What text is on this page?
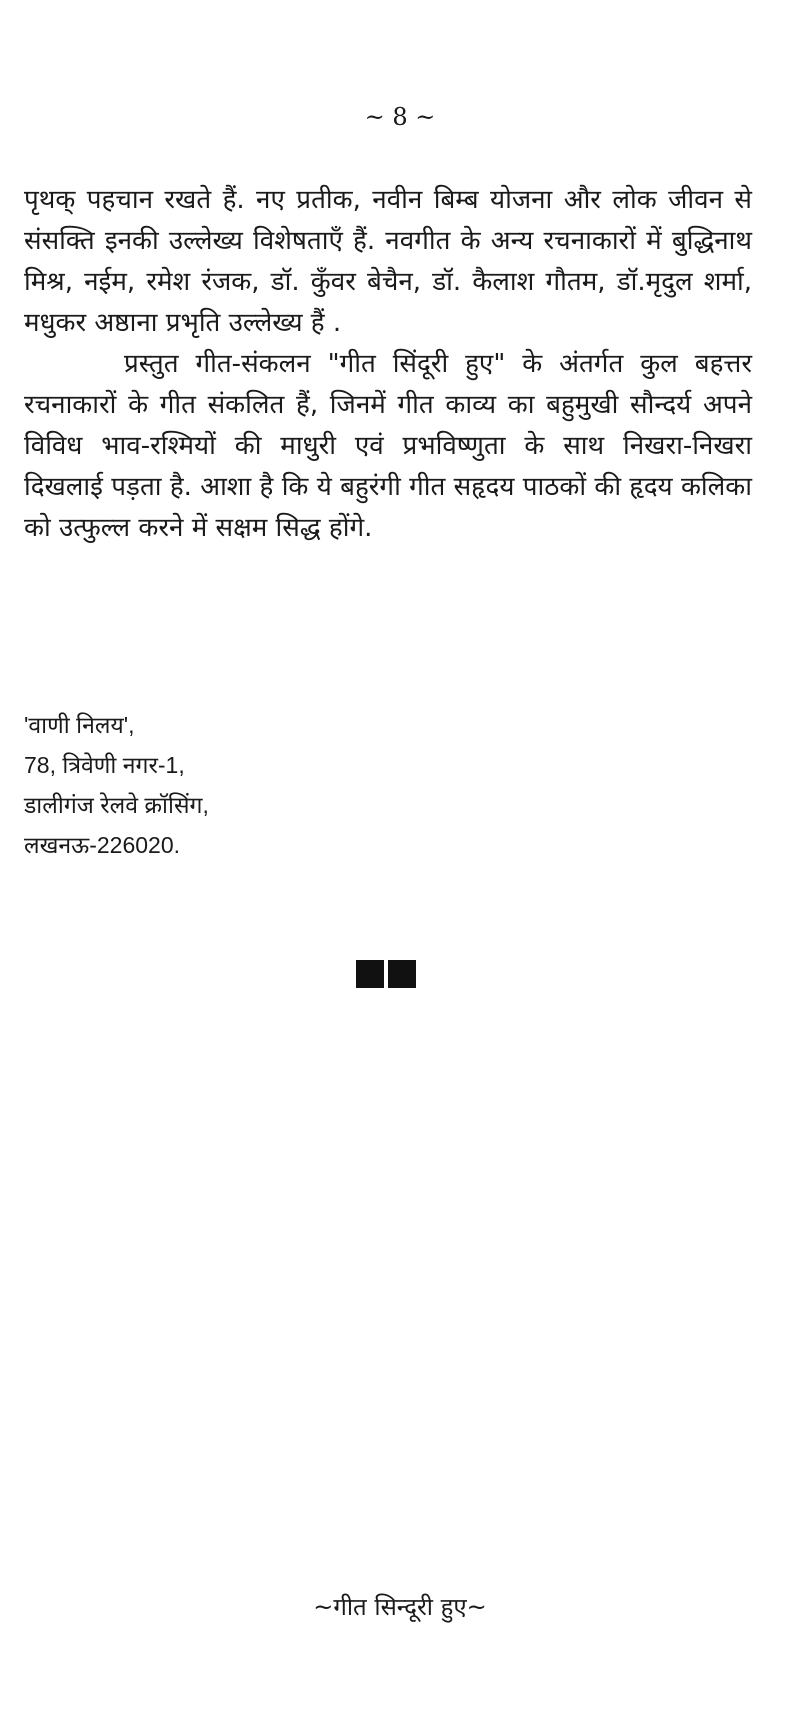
~ 8 ~

पृथक् पहचान रखते हैं. नए प्रतीक, नवीन बिम्ब योजना और लोक जीवन से संसक्ति इनकी उल्लेख्य विशेषताएँ हैं. नवगीत के अन्य रचनाकारों में बुद्धिनाथ मिश्र, नईम, रमेश रंजक, डॉ. कुँवर बेचैन, डॉ. कैलाश गौतम, डॉ.मृदुल शर्मा, मधुकर अष्ठाना प्रभृति उल्लेख्य हैं .

प्रस्तुत गीत-संकलन "गीत सिंदूरी हुए" के अंतर्गत कुल बहत्तर रचनाकारों के गीत संकलित हैं, जिनमें गीत काव्य का बहुमुखी सौन्दर्य अपने विविध भाव-रश्मियों की माधुरी एवं प्रभविष्णुता के साथ निखरा-निखरा दिखलाई पड़ता है. आशा है कि ये बहुरंगी गीत सहृदय पाठकों की हृदय कलिका को उत्फुल्ल करने में सक्षम सिद्ध होंगे.

'वाणी निलय',
78, त्रिवेणी नगर-1,
डालीगंज रेलवे क्रॉसिंग,
लखनऊ-226020.
~गीत सिन्दूरी हुए~
